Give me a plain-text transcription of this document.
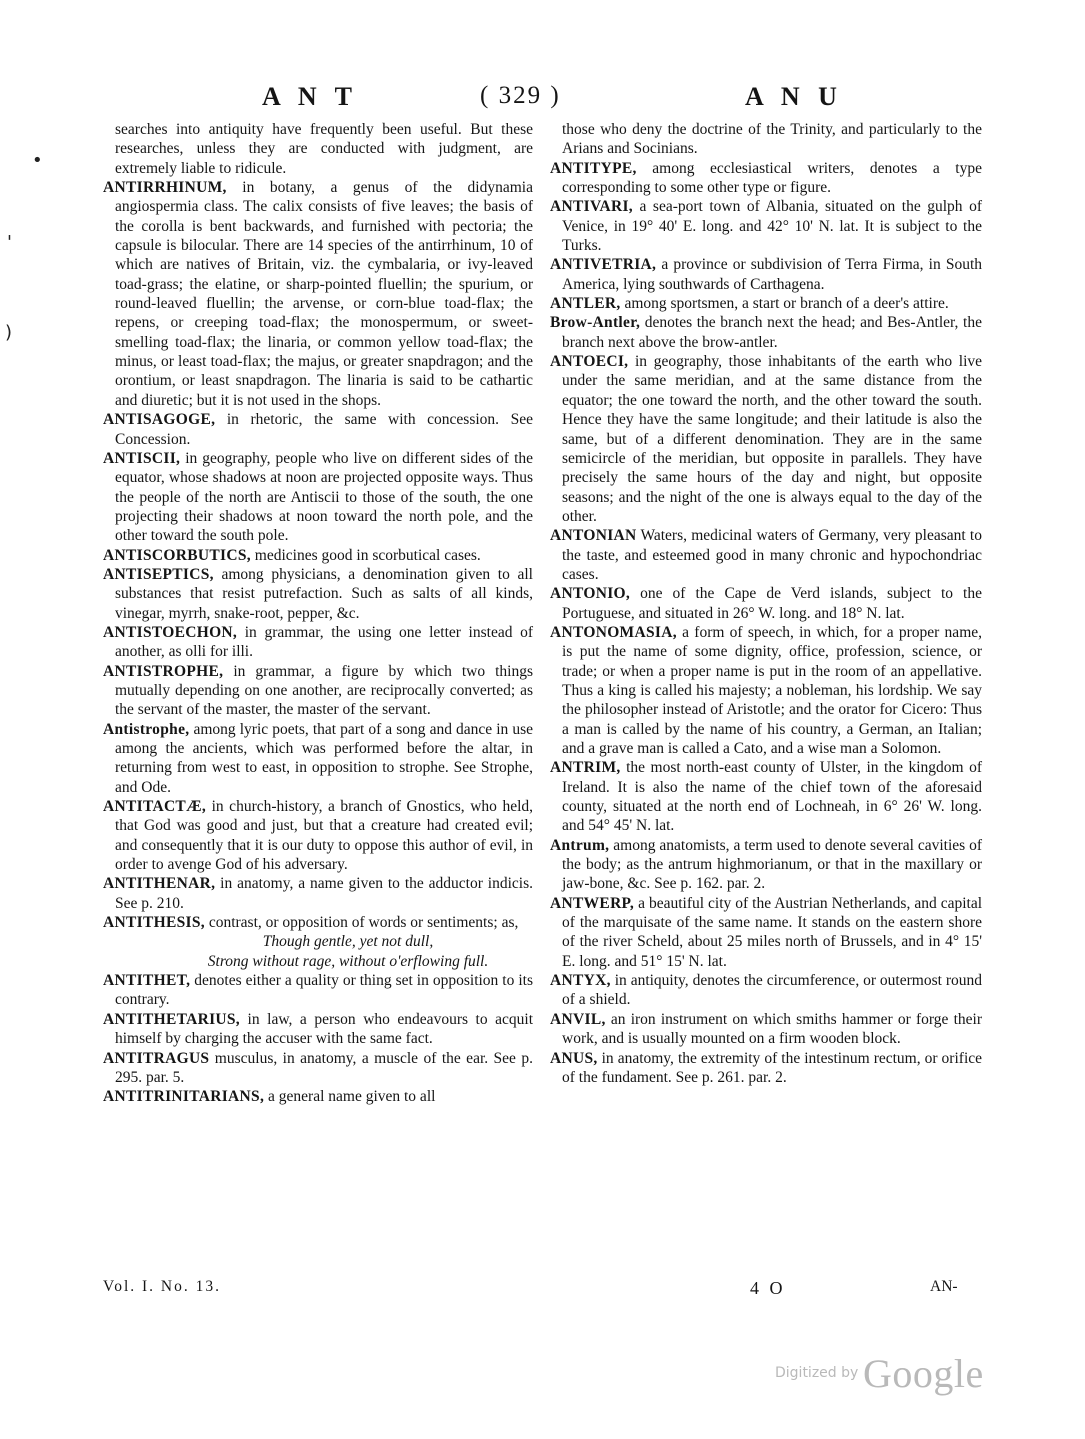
A N T	( 329 )	A N U
•
'
)

searches into antiquity have frequently been useful. But these researches, unless they are conducted with judgment, are extremely liable to ridicule.

ANTIRRHINUM, in botany, a genus of the didynamia angiospermia class. The calix consists of five leaves; the basis of the corolla is bent backwards, and furnished with pectoria; the capsule is bilocular. There are 14 species of the antirrhinum, 10 of which are natives of Britain, viz. the cymbalaria, or ivy-leaved toad-grass; the elatine, or sharp-pointed fluellin; the spurium, or round-leaved fluellin; the arvense, or corn-blue toad-flax; the repens, or creeping toad-flax; the monospermum, or sweet-smelling toad-flax; the linaria, or common yellow toad-flax; the minus, or least toad-flax; the majus, or greater snapdragon; and the orontium, or least snapdragon. The linaria is said to be cathartic and diuretic; but it is not used in the shops.

ANTISAGOGE, in rhetoric, the same with concession. See Concession.

ANTISCII, in geography, people who live on different sides of the equator, whose shadows at noon are projected opposite ways. Thus the people of the north are Antiscii to those of the south, the one projecting their shadows at noon toward the north pole, and the other toward the south pole.

ANTISCORBUTICS, medicines good in scorbutical cases.

ANTISEPTICS, among physicians, a denomination given to all substances that resist putrefaction. Such as salts of all kinds, vinegar, myrrh, snake-root, pepper, &c.

ANTISTOECHON, in grammar, the using one letter instead of another, as olli for illi.

ANTISTROPHE, in grammar, a figure by which two things mutually depending on one another, are reciprocally converted; as the servant of the master, the master of the servant.

Antistrophe, among lyric poets, that part of a song and dance in use among the ancients, which was performed before the altar, in returning from west to east, in opposition to strophe. See Strophe, and Ode.

ANTITACTÆ, in church-history, a branch of Gnostics, who held, that God was good and just, but that a creature had created evil; and consequently that it is our duty to oppose this author of evil, in order to avenge God of his adversary.

ANTITHENAR, in anatomy, a name given to the adductor indicis. See p. 210.

ANTITHESIS, contrast, or opposition of words or sentiments; as,

Though gentle, yet not dull,

Strong without rage, without o'erflowing full.

ANTITHET, denotes either a quality or thing set in opposition to its contrary.

ANTITHETARIUS, in law, a person who endeavours to acquit himself by charging the accuser with the same fact.

ANTITRAGUS musculus, in anatomy, a muscle of the ear. See p. 295. par. 5.

ANTITRINITARIANS, a general name given to all

those who deny the doctrine of the Trinity, and particularly to the Arians and Socinians.

ANTITYPE, among ecclesiastical writers, denotes a type corresponding to some other type or figure.

ANTIVARI, a sea-port town of Albania, situated on the gulph of Venice, in 19° 40' E. long. and 42° 10' N. lat. It is subject to the Turks.

ANTIVETRIA, a province or subdivision of Terra Firma, in South America, lying southwards of Carthagena.

ANTLER, among sportsmen, a start or branch of a deer's attire.

Brow-Antler, denotes the branch next the head; and Bes-Antler, the branch next above the brow-antler.

ANTOECI, in geography, those inhabitants of the earth who live under the same meridian, and at the same distance from the equator; the one toward the north, and the other toward the south. Hence they have the same longitude; and their latitude is also the same, but of a different denomination. They are in the same semicircle of the meridian, but opposite in parallels. They have precisely the same hours of the day and night, but opposite seasons; and the night of the one is always equal to the day of the other.

ANTONIAN Waters, medicinal waters of Germany, very pleasant to the taste, and esteemed good in many chronic and hypochondriac cases.

ANTONIO, one of the Cape de Verd islands, subject to the Portuguese, and situated in 26° W. long. and 18° N. lat.

ANTONOMASIA, a form of speech, in which, for a proper name, is put the name of some dignity, office, profession, science, or trade; or when a proper name is put in the room of an appellative. Thus a king is called his majesty; a nobleman, his lordship. We say the philosopher instead of Aristotle; and the orator for Cicero: Thus a man is called by the name of his country, a German, an Italian; and a grave man is called a Cato, and a wise man a Solomon.

ANTRIM, the most north-east county of Ulster, in the kingdom of Ireland. It is also the name of the chief town of the aforesaid county, situated at the north end of Lochneah, in 6° 26' W. long. and 54° 45' N. lat.

Antrum, among anatomists, a term used to denote several cavities of the body; as the antrum highmorianum, or that in the maxillary or jaw-bone, &c. See p. 162. par. 2.

ANTWERP, a beautiful city of the Austrian Netherlands, and capital of the marquisate of the same name. It stands on the eastern shore of the river Scheld, about 25 miles north of Brussels, and in 4° 15' E. long. and 51° 15' N. lat.

ANTYX, in antiquity, denotes the circumference, or outermost round of a shield.

ANVIL, an iron instrument on which smiths hammer or forge their work, and is usually mounted on a firm wooden block.

ANUS, in anatomy, the extremity of the intestinum rectum, or orifice of the fundament. See p. 261. par. 2.

Vol. I. No. 13.	4 O	AN-
Digitized by Google
